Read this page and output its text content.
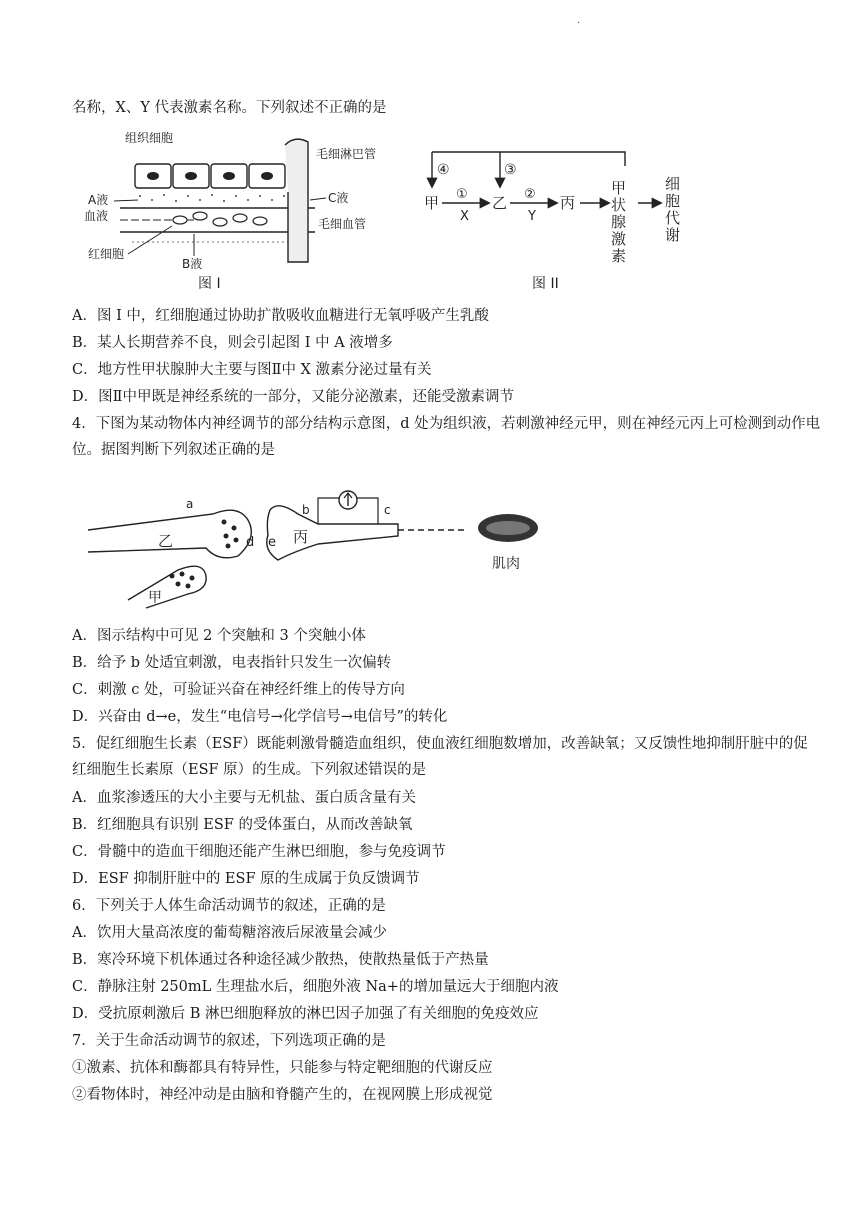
·
名称，X、Y 代表激素名称。下列叙述不正确的是
组织细胞
毛细淋巴管
A液	C液
血液
毛细血管
红细胞
B液
图 I
④	③
甲 ①
X
乙 ②
Y
丙 甲状腺激素 细胞代谢
图 II
A．图 I 中，红细胞通过协助扩散吸收血糖进行无氧呼吸产生乳酸
B．某人长期营养不良，则会引起图 I 中 A 液增多
C．地方性甲状腺肿大主要与图Ⅱ中 X 激素分泌过量有关
D．图Ⅱ中甲既是神经系统的一部分，又能分泌激素，还能受激素调节
4．下图为某动物体内神经调节的部分结构示意图，d 处为组织液，若刺激神经元甲，则在神经元丙上可检测到动作电位。据图判断下列叙述正确的是
a
乙	d e 丙
b	c
甲
肌肉
A．图示结构中可见 2 个突触和 3 个突触小体
B．给予 b 处适宜刺激，电表指针只发生一次偏转
C．刺激 c 处，可验证兴奋在神经纤维上的传导方向
D．兴奋由 d→e，发生“电信号→化学信号→电信号”的转化
5．促红细胞生长素（ESF）既能刺激骨髓造血组织，使血液红细胞数增加，改善缺氧；又反馈性地抑制肝脏中的促红细胞生长素原（ESF 原）的生成。下列叙述错误的是
A．血浆渗透压的大小主要与无机盐、蛋白质含量有关
B．红细胞具有识别 ESF 的受体蛋白，从而改善缺氧
C．骨髓中的造血干细胞还能产生淋巴细胞，参与免疫调节
D．ESF 抑制肝脏中的 ESF 原的生成属于负反馈调节
6．下列关于人体生命活动调节的叙述，正确的是
A．饮用大量高浓度的葡萄糖溶液后尿液量会减少
B．寒冷环境下机体通过各种途径减少散热，使散热量低于产热量
C．静脉注射 250mL 生理盐水后，细胞外液 Na+的增加量远大于细胞内液
D．受抗原刺激后 B 淋巴细胞释放的淋巴因子加强了有关细胞的免疫效应
7．关于生命活动调节的叙述，下列选项正确的是
①激素、抗体和酶都具有特异性，只能参与特定靶细胞的代谢反应
②看物体时，神经冲动是由脑和脊髓产生的，在视网膜上形成视觉
